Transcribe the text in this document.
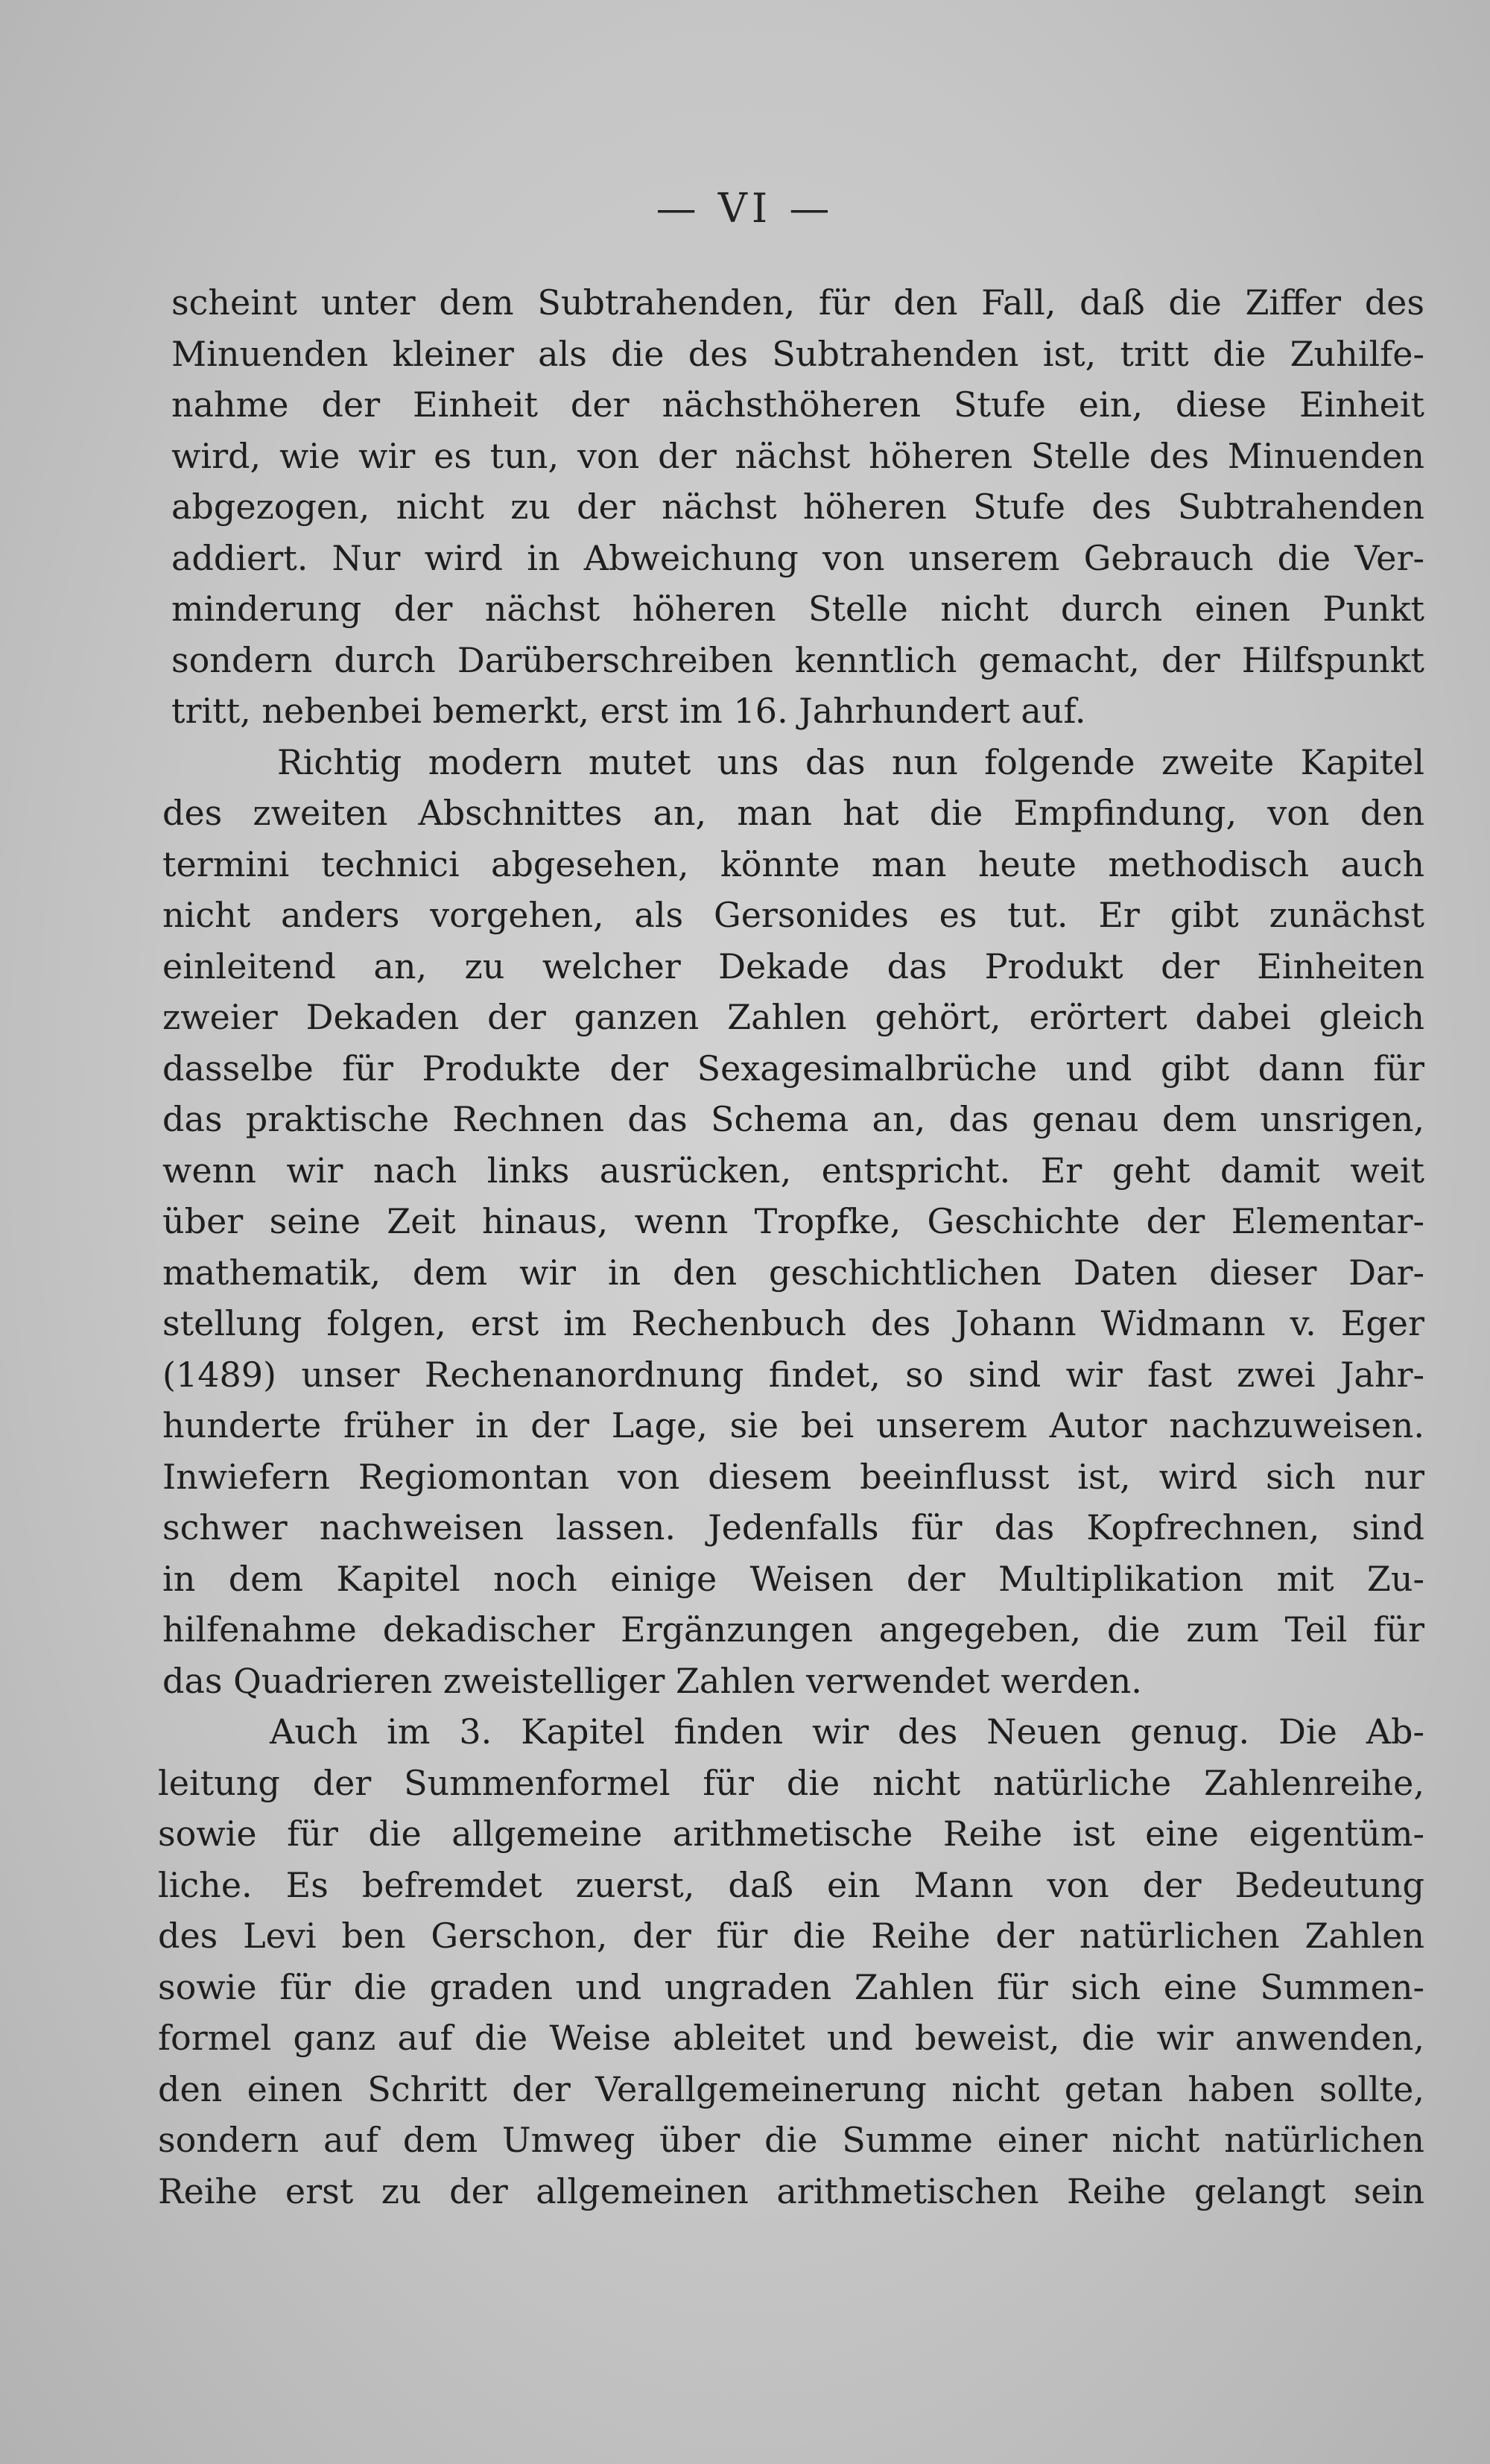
— VI —
scheint unter dem Subtrahenden, für den Fall, daß die Ziffer des
Minuenden kleiner als die des Subtrahenden ist, tritt die Zuhilfe-
nahme der Einheit der nächsthöheren Stufe ein, diese Einheit
wird, wie wir es tun, von der nächst höheren Stelle des Minuenden
abgezogen, nicht zu der nächst höheren Stufe des Subtrahenden
addiert. Nur wird in Abweichung von unserem Gebrauch die Ver-
minderung der nächst höheren Stelle nicht durch einen Punkt
sondern durch Darüberschreiben kenntlich gemacht, der Hilfspunkt
tritt, nebenbei bemerkt, erst im 16. Jahrhundert auf.
Richtig modern mutet uns das nun folgende zweite Kapitel
des zweiten Abschnittes an, man hat die Empfindung, von den
termini technici abgesehen, könnte man heute methodisch auch
nicht anders vorgehen, als Gersonides es tut. Er gibt zunächst
einleitend an, zu welcher Dekade das Produkt der Einheiten
zweier Dekaden der ganzen Zahlen gehört, erörtert dabei gleich
dasselbe für Produkte der Sexagesimalbrüche und gibt dann für
das praktische Rechnen das Schema an, das genau dem unsrigen,
wenn wir nach links ausrücken, entspricht. Er geht damit weit
über seine Zeit hinaus, wenn Tropfke, Geschichte der Elementar-
mathematik, dem wir in den geschichtlichen Daten dieser Dar-
stellung folgen, erst im Rechenbuch des Johann Widmann v. Eger
(1489) unser Rechenanordnung findet, so sind wir fast zwei Jahr-
hunderte früher in der Lage, sie bei unserem Autor nachzuweisen.
Inwiefern Regiomontan von diesem beeinflusst ist, wird sich nur
schwer nachweisen lassen. Jedenfalls für das Kopfrechnen, sind
in dem Kapitel noch einige Weisen der Multiplikation mit Zu-
hilfenahme dekadischer Ergänzungen angegeben, die zum Teil für
das Quadrieren zweistelliger Zahlen verwendet werden.
Auch im 3. Kapitel finden wir des Neuen genug. Die Ab-
leitung der Summenformel für die nicht natürliche Zahlenreihe,
sowie für die allgemeine arithmetische Reihe ist eine eigentüm-
liche. Es befremdet zuerst, daß ein Mann von der Bedeutung
des Levi ben Gerschon, der für die Reihe der natürlichen Zahlen
sowie für die graden und ungraden Zahlen für sich eine Summen-
formel ganz auf die Weise ableitet und beweist, die wir anwenden,
den einen Schritt der Verallgemeinerung nicht getan haben sollte,
sondern auf dem Umweg über die Summe einer nicht natürlichen
Reihe erst zu der allgemeinen arithmetischen Reihe gelangt sein
